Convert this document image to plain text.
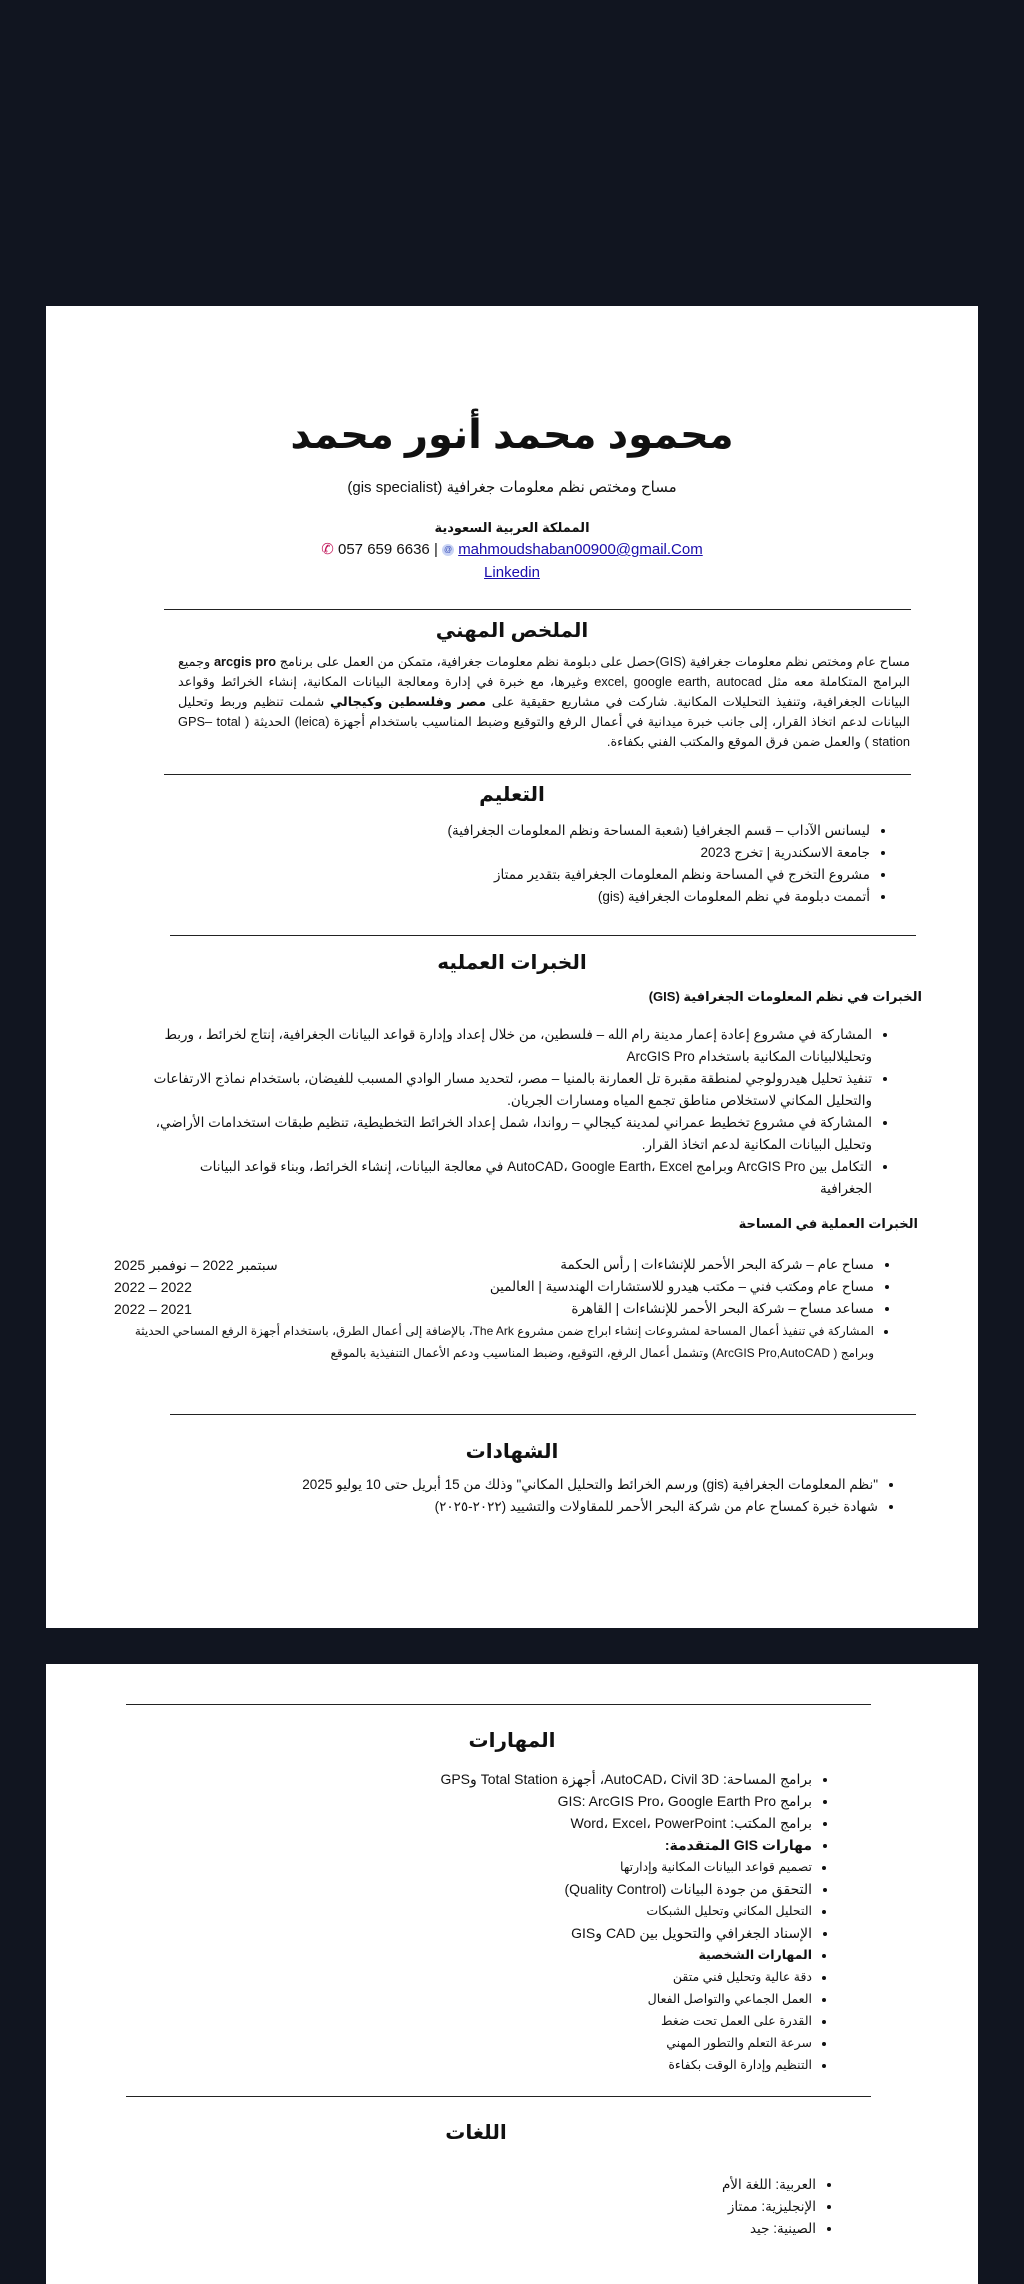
محمود محمد أنور محمد
مساح ومختص نظم معلومات جغرافية (gis specialist)
المملكة العربية السعودية
✆ 057 659 6636 | @ mahmoudshaban00900@gmail.Com
Linkedin
الملخص المهني
مساح عام ومختص نظم معلومات جغرافية (GIS)حصل على دبلومة نظم معلومات جغرافية، متمكن من العمل على برنامج arcgis pro وجميع البرامج المتكاملة معه مثل excel, google earth, autocad وغيرها، مع خبرة في إدارة ومعالجة البيانات المكانية، إنشاء الخرائط وقواعد البيانات الجغرافية، وتنفيذ التحليلات المكانية. شاركت في مشاريع حقيقية على مصر وفلسطين وكيجالي شملت تنظيم وربط وتحليل البيانات لدعم اتخاذ القرار، إلى جانب خبرة ميدانية في أعمال الرفع والتوقيع وضبط المناسيب باستخدام أجهزة (leica) الحديثة ( GPS– total station ) والعمل ضمن فرق الموقع والمكتب الفني بكفاءة.
التعليم
• ليسانس الآداب – قسم الجغرافيا (شعبة المساحة ونظم المعلومات الجغرافية)
• جامعة الاسكندرية | تخرج 2023
• مشروع التخرج في المساحة ونظم المعلومات الجغرافية بتقدير ممتاز
• أتممت دبلومة في نظم المعلومات الجغرافية (gis)
الخبرات العمليه
الخبرات في نظم المعلومات الجغرافية (GIS)
• المشاركة في مشروع إعادة إعمار مدينة رام الله – فلسطين، من خلال إعداد وإدارة قواعد البيانات الجغرافية، إنتاج لخرائط ، وربط وتحليلالبيانات المكانية باستخدام ArcGIS Pro
• تنفيذ تحليل هيدرولوجي لمنطقة مقبرة تل العمارنة بالمنيا – مصر، لتحديد مسار الوادي المسبب للفيضان، باستخدام نماذج الارتفاعات والتحليل المكاني لاستخلاص مناطق تجمع المياه ومسارات الجريان.
• المشاركة في مشروع تخطيط عمراني لمدينة كيجالي – رواندا، شمل إعداد الخرائط التخطيطية، تنظيم طبقات استخدامات الأراضي، وتحليل البيانات المكانية لدعم اتخاذ القرار.
• التكامل بين ArcGIS Pro وبرامج AutoCAD، Google Earth، Excel في معالجة البيانات، إنشاء الخرائط، وبناء قواعد البيانات الجغرافية
الخبرات العملية في المساحة
• مساح عام – شركة البحر الأحمر للإنشاءات | رأس الحكمة
سبتمبر 2022 – نوفمبر 2025
• مساح عام ومكتب فني – مكتب هيدرو للاستشارات الهندسية | العالمين
2022 – 2022
• مساعد مساح – شركة البحر الأحمر للإنشاءات | القاهرة
2021 – 2022
• المشاركة في تنفيذ أعمال المساحة لمشروعات إنشاء ابراج ضمن مشروع The Ark، بالإضافة إلى أعمال الطرق، باستخدام أجهزة الرفع المساحي الحديثة وبرامج ( ArcGIS Pro,AutoCAD) وتشمل أعمال الرفع، التوقيع، وضبط المناسيب ودعم الأعمال التنفيذية بالموقع
الشهادات
• "نظم المعلومات الجغرافية (gis) ورسم الخرائط والتحليل المكاني" وذلك من 15 أبريل حتى 10 يوليو 2025
• شهادة خبرة كمساح عام من شركة البحر الأحمر للمقاولات والتشييد (٢٠٢٢-٢٠٢٥)
المهارات
• برامج المساحة: AutoCAD، Civil 3D، أجهزة Total Station وGPS
• برامج GIS: ArcGIS Pro، Google Earth Pro
• برامج المكتب: Word، Excel، PowerPoint
• مهارات GIS المتقدمة:
• تصميم قواعد البيانات المكانية وإدارتها
• التحقق من جودة البيانات (Quality Control)
• التحليل المكاني وتحليل الشبكات
• الإسناد الجغرافي والتحويل بين CAD وGIS
• المهارات الشخصية
• دقة عالية وتحليل فني متقن
• العمل الجماعي والتواصل الفعال
• القدرة على العمل تحت ضغط
• سرعة التعلم والتطور المهني
• التنظيم وإدارة الوقت بكفاءة
اللغات
• العربية: اللغة الأم
• الإنجليزية: ممتاز
• الصينية: جيد
